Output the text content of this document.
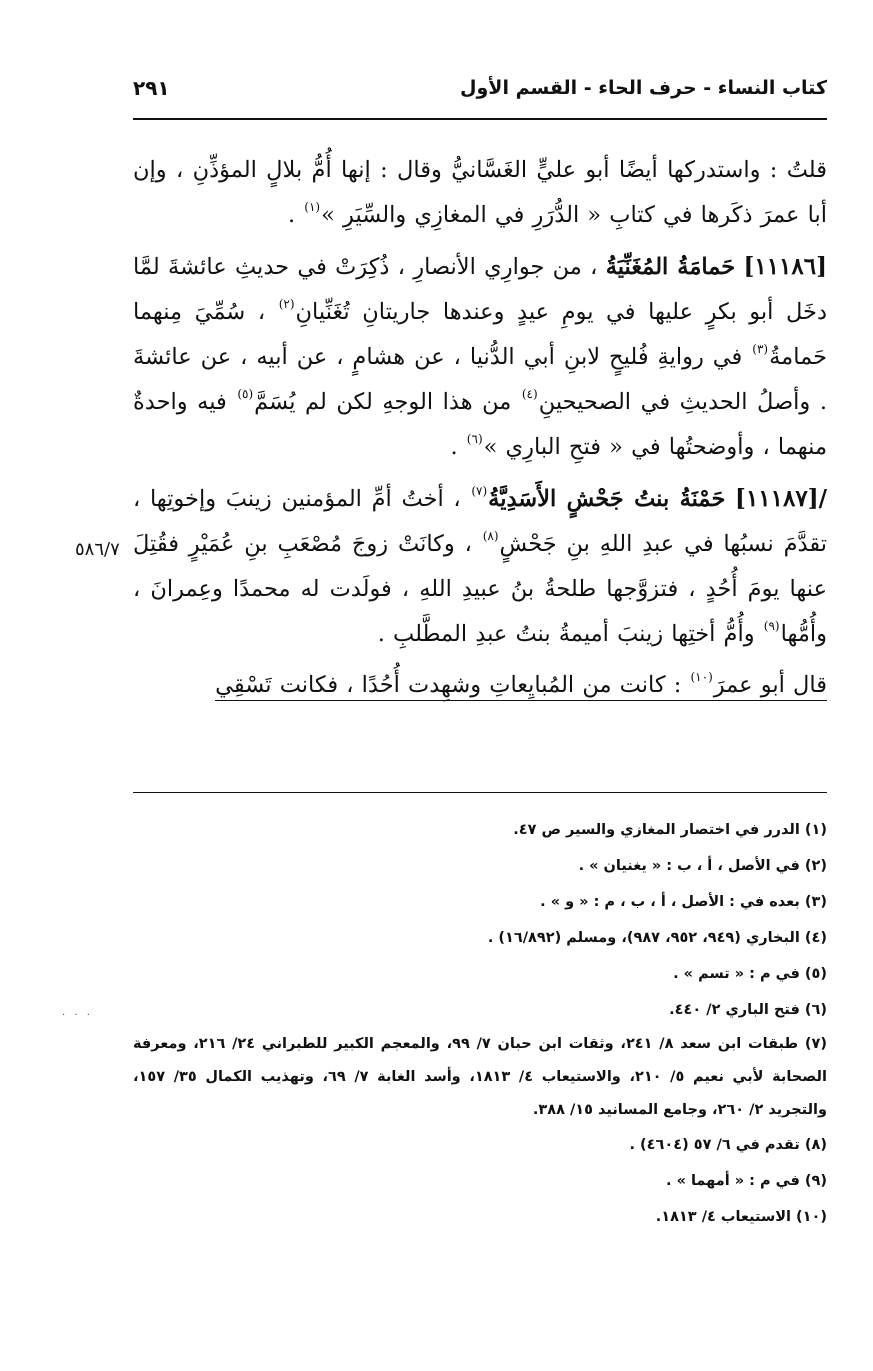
كتاب النساء - حرف الحاء - القسم الأول
٢٩١

قلتُ : واستدركها أيضًا أبو عليٍّ الغَسَّانيُّ وقال : إنها أُمُّ بلالٍ المؤذِّنِ ، وإن أبا عمرَ ذكَرها في كتابِ « الدُّرَرِ في المغازِي والسِّيَرِ »$^{(١)}$ .

[١١١٨٦] حَمامَةُ المُغَنِّيَةُ ، من جوارِي الأنصارِ ، ذُكِرَتْ في حديثِ عائشةَ لمَّا دخَل أبو بكرٍ عليها في يومِ عيدٍ وعندها جاريتانِ تُغَنِّيانِ$^{(٢)}$ ، سُمِّيَ مِنهما حَمامةُ$^{(٣)}$ في روايةِ فُليحٍ لابنِ أبي الدُّنيا ، عن هشامٍ ، عن أبيه ، عن عائشةَ . وأصلُ الحديثِ في الصحيحينِ$^{(٤)}$ من هذا الوجهِ لكن لم يُسَمَّ$^{(٥)}$ فيه واحدةٌ منهما ، وأوضحتُها في « فتحِ البارِي »$^{(٦)}$ .

/[١١١٨٧] حَمْنَةُ بنتُ جَحْشٍ الأَسَدِيَّةُ$^{(٧)}$ ، أختُ أمِّ المؤمنين زينبَ وإخوتِها ، تقدَّمَ نسبُها في عبدِ اللهِ بنِ جَحْشٍ$^{(٨)}$ ، وكانَتْ زوجَ مُصْعَبِ بنِ عُمَيْرٍ فقُتِلَ عنها يومَ أُحُدٍ ، فتزوَّجها طلحةُ بنُ عبيدِ اللهِ ، فولَدت له محمدًا وعِمرانَ ، وأُمُّها$^{(٩)}$ وأُمُّ أختِها زينبَ أميمةُ بنتُ عبدِ المطَّلبِ .

قال أبو عمرَ$^{(١٠)}$ : كانت من المُبايِعاتِ وشهِدت أُحُدًا ، فكانت تَسْقِي

٥٨٦/٧

(١) الدرر في اختصار المغازي والسير ص ٤٧.

(٢) في الأصل ، أ ، ب : « يغنيان » .

(٣) بعده في : الأصل ، أ ، ب ، م : « و » .

(٤) البخاري (٩٤٩، ٩٥٢، ٩٨٧)، ومسلم (١٦/٨٩٢) .

(٥) في م : « تسم » .

(٦) فتح الباري ٢/ ٤٤٠.

(٧) طبقات ابن سعد ٨/ ٢٤١، وثقات ابن حبان ٧/ ٩٩، والمعجم الكبير للطبراني ٢٤/ ٢١٦، ومعرفة الصحابة لأبي نعيم ٥/ ٢١٠، والاستيعاب ٤/ ١٨١٣، وأسد الغابة ٧/ ٦٩، وتهذيب الكمال ٣٥/ ١٥٧، والتجريد ٢/ ٢٦٠، وجامع المسانيد ١٥/ ٣٨٨.

(٨) تقدم في ٦/ ٥٧ (٤٦٠٤) .

(٩) في م : « أمهما » .

(١٠) الاستيعاب ٤/ ١٨١٣.

· · ·
